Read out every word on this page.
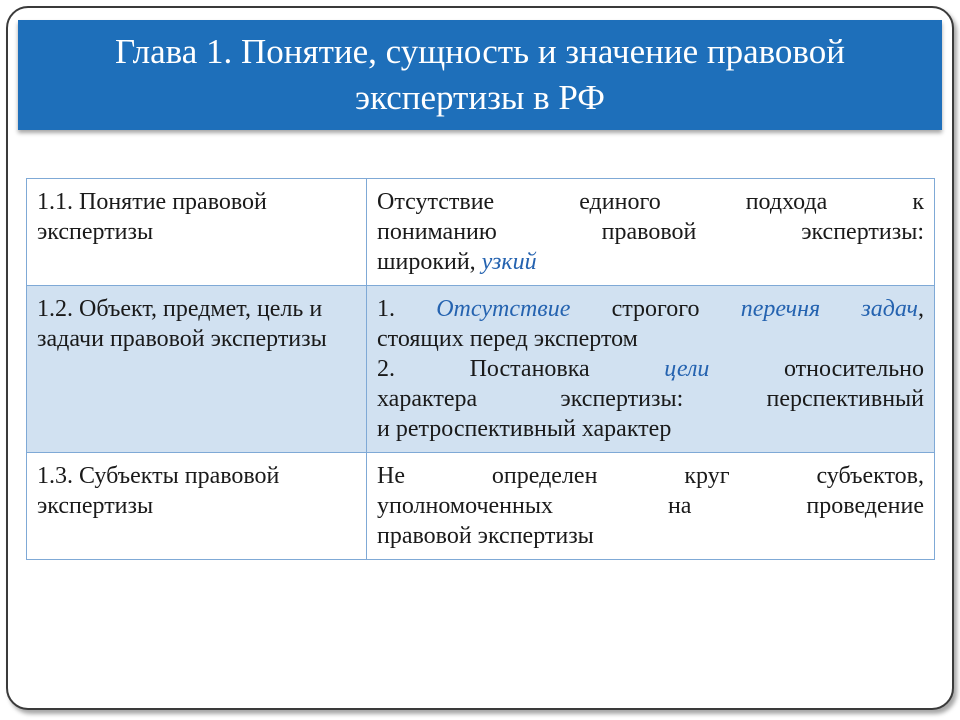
Глава 1. Понятие, сущность и значение правовой экспертизы в РФ
1.1. Понятие правовой экспертизы	Отсутствие единого подхода к
пониманию правовой экспертизы:
широкий, узкий

1.2. Объект, предмет, цель и задачи правовой экспертизы	1. Отсутствие строгого перечня задач,
стоящих перед экспертом
2. Постановка цели относительно
характера экспертизы: перспективный
и ретроспективный характер

1.3. Субъекты правовой экспертизы	Не определен круг субъектов,
уполномоченных на проведение
правовой экспертизы
